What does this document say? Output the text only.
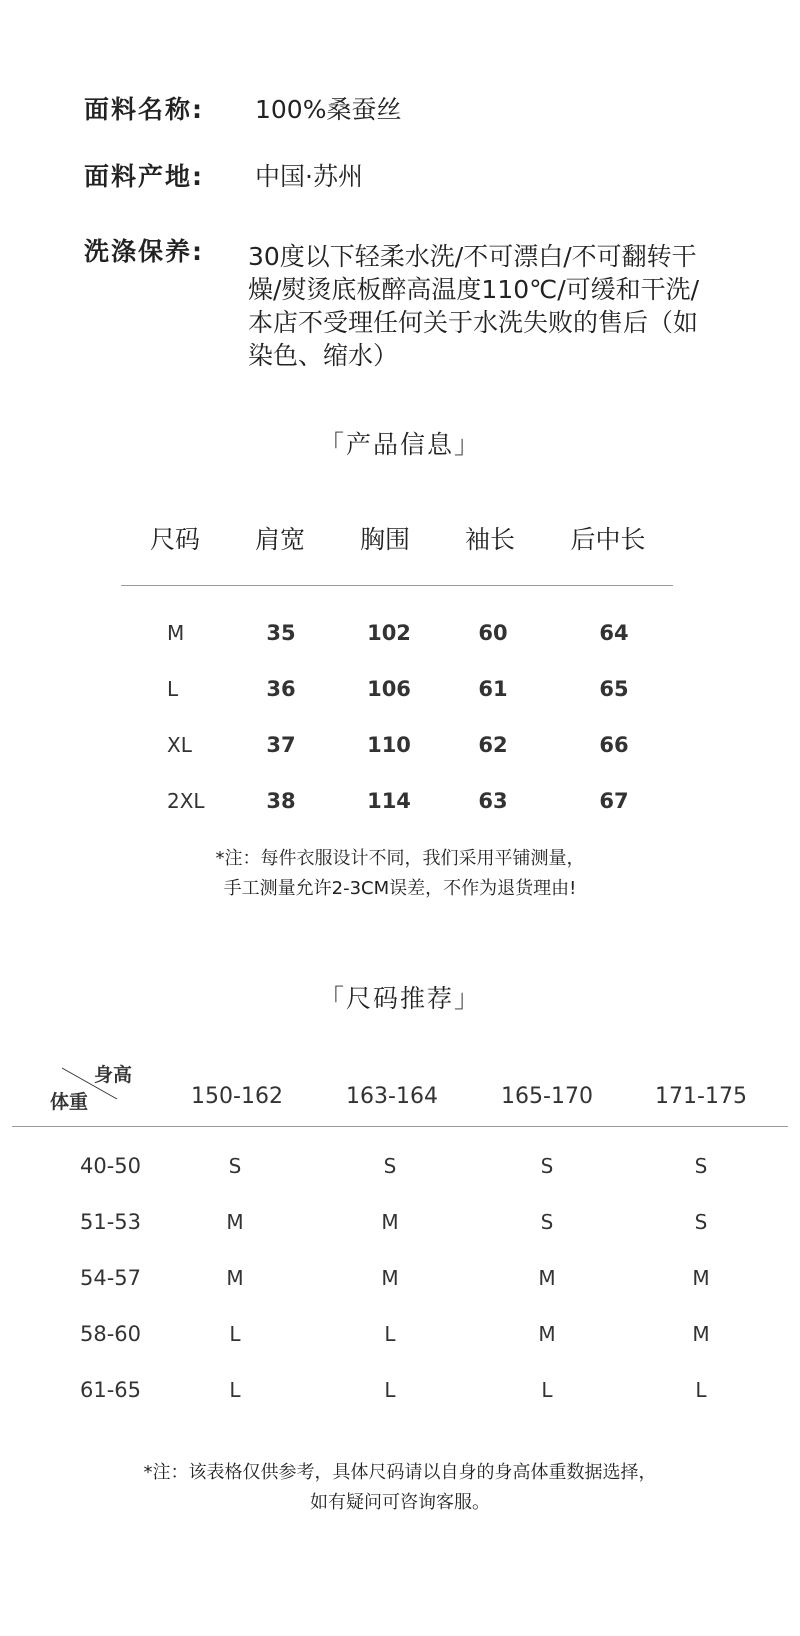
面料名称: 100%桑蚕丝
面料产地: 中国·苏州
洗涤保养: 30度以下轻柔水洗/不可漂白/不可翻转干燥/熨烫底板醉高温度110℃/可缓和干洗/本店不受理任何关于水洗失败的售后（如染色、缩水）
「产品信息」
尺码	肩宽	胸围	袖长	后中长
M	35	102	60	64
L	36	106	61	65
XL	37	110	62	66
2XL	38	114	63	67
*注：每件衣服设计不同，我们采用平铺测量，
手工测量允许2-3CM误差，不作为退货理由!
「尺码推荐」
身高
体重	150-162	163-164	165-170	171-175
40-50	S	S	S	S
51-53	M	M	S	S
54-57	M	M	M	M
58-60	L	L	M	M
61-65	L	L	L	L
*注：该表格仅供参考，具体尺码请以自身的身高体重数据选择，
如有疑问可咨询客服。
